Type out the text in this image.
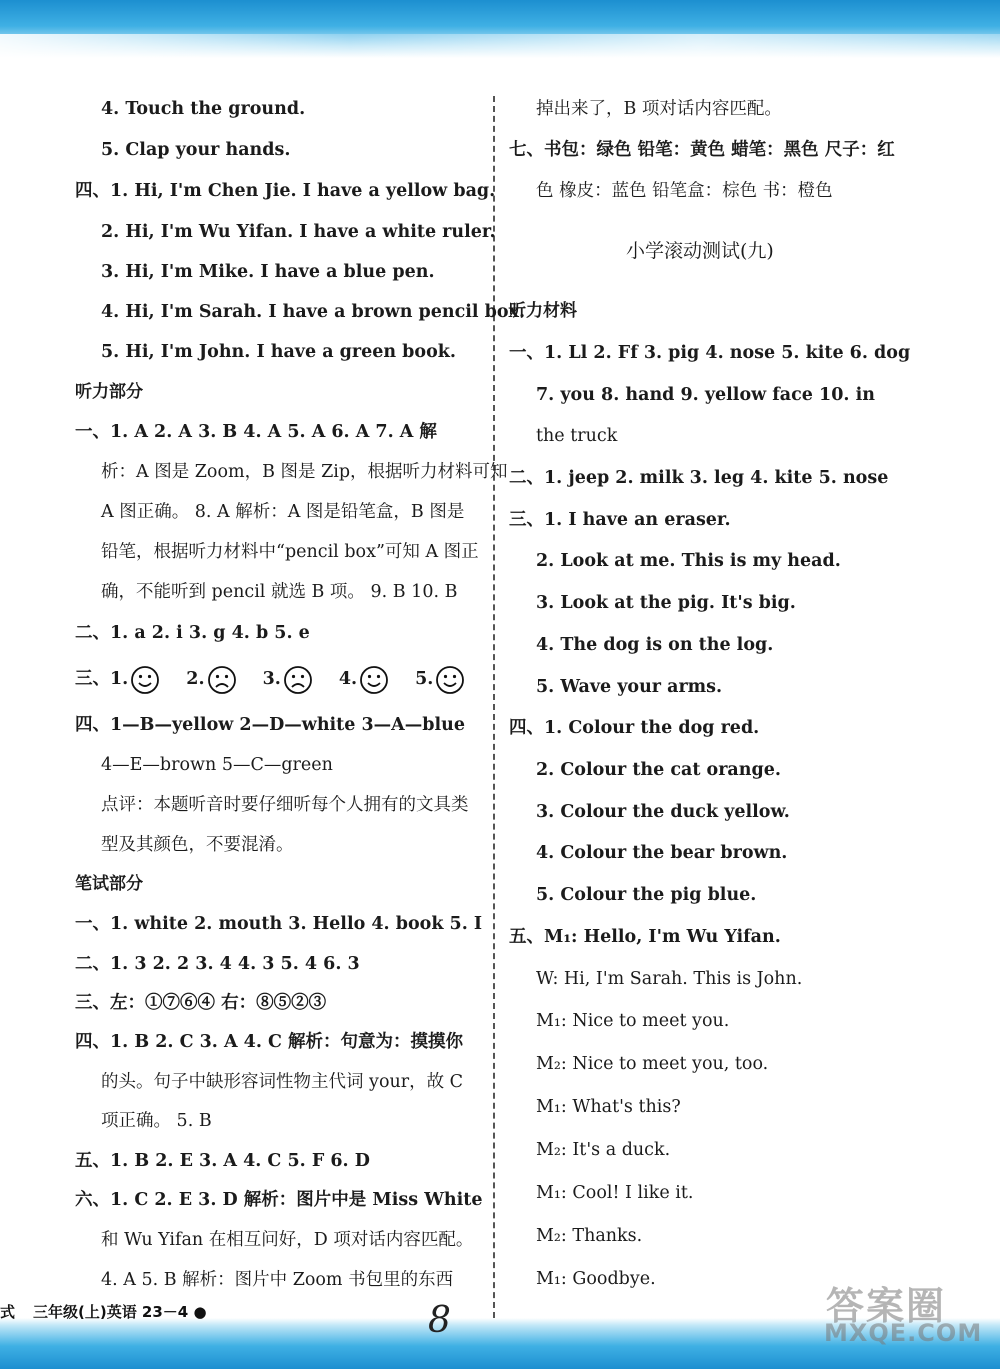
4. Touch the ground.
5. Clap your hands.
四、1. Hi, I'm Chen Jie. I have a yellow bag.
2. Hi, I'm Wu Yifan. I have a white ruler.
3. Hi, I'm Mike. I have a blue pen.
4. Hi, I'm Sarah. I have a brown pencil box.
5. Hi, I'm John. I have a green book.
听力部分
一、1. A 2. A 3. B 4. A 5. A 6. A 7. A 解
析：A 图是 Zoom，B 图是 Zip，根据听力材料可知
A 图正确。 8. A 解析：A 图是铅笔盒，B 图是
铅笔，根据听力材料中“pencil box”可知 A 图正
确，不能听到 pencil 就选 B 项。 9. B 10. B
二、1. a 2. i 3. g 4. b 5. e
三、1.	2.	3.	4.	5.
四、1—B—yellow 2—D—white 3—A—blue
4—E—brown 5—C—green
点评：本题听音时要仔细听每个人拥有的文具类
型及其颜色，不要混淆。
笔试部分
一、1. white 2. mouth 3. Hello 4. book 5. I
二、1. 3 2. 2 3. 4 4. 3 5. 4 6. 3
三、左：①⑦⑥④ 右：⑧⑤②③
四、1. B 2. C 3. A 4. C 解析：句意为：摸摸你
的头。句子中缺形容词性物主代词 your，故 C
项正确。 5. B
五、1. B 2. E 3. A 4. C 5. F 6. D
六、1. C 2. E 3. D 解析：图片中是 Miss White
和 Wu Yifan 在相互问好，D 项对话内容匹配。
4. A 5. B 解析：图片中 Zoom 书包里的东西
掉出来了，B 项对话内容匹配。
七、书包：绿色 铅笔：黄色 蜡笔：黑色 尺子：红
色 橡皮：蓝色 铅笔盒：棕色 书：橙色
小学滚动测试(九)
听力材料
一、1. Ll 2. Ff 3. pig 4. nose 5. kite 6. dog
7. you 8. hand 9. yellow face 10. in
the truck
二、1. jeep 2. milk 3. leg 4. kite 5. nose
三、1. I have an eraser.
2. Look at me. This is my head.
3. Look at the pig. It's big.
4. The dog is on the log.
5. Wave your arms.
四、1. Colour the dog red.
2. Colour the cat orange.
3. Colour the duck yellow.
4. Colour the bear brown.
5. Colour the pig blue.
五、M₁: Hello, I'm Wu Yifan.
W: Hi, I'm Sarah. This is John.
M₁: Nice to meet you.
M₂: Nice to meet you, too.
M₁: What's this?
M₂: It's a duck.
M₁: Cool! I like it.
M₂: Thanks.
M₁: Goodbye.
式 三年级(上)英语 23－4 ●	8	答案圈
MXQE.COM
